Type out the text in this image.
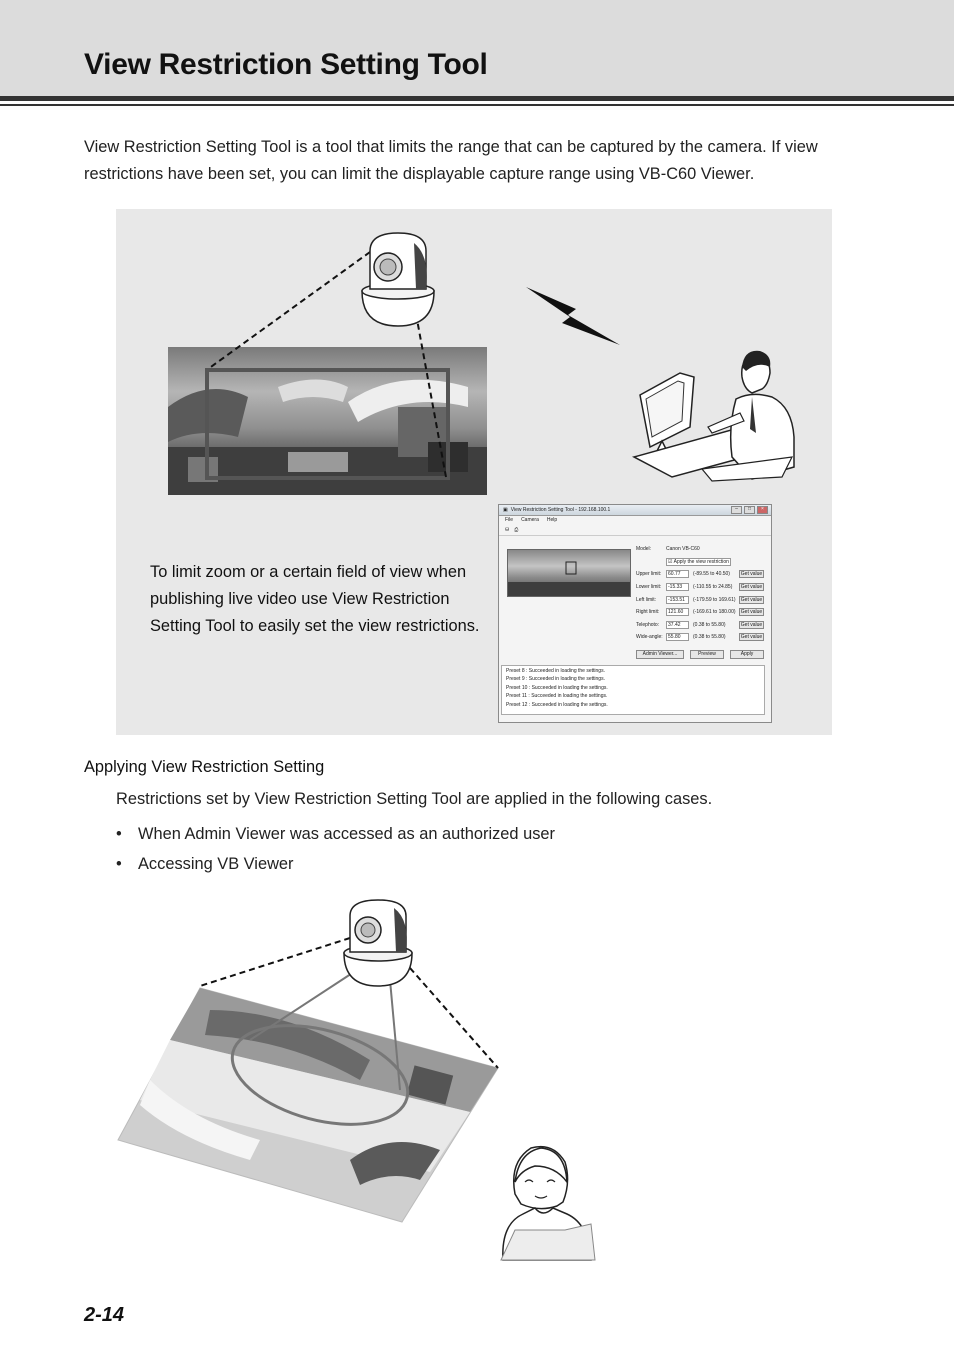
View Restriction Setting Tool

View Restriction Setting Tool is a tool that limits the range that can be captured by the camera. If view restrictions have been set, you can limit the displayable capture range using VB-C60 Viewer.

To limit zoom or a certain field of view when publishing live video use View Restriction Setting Tool to easily set the view restrictions.

▣ View Restriction Setting Tool - 192.168.100.1	–	□	×
File Camera Help
⛁ ⎙
Model:	Canon VB-C60
☑ Apply the view restriction
Upper limit:	60.77	(-89.55 to 40.50)	Get value
Lower limit:	-15.33	(-110.55 to 24.85)	Get value
Left limit:	-153.51	(-179.59 to 169.61)	Get value
Right limit:	121.60	(-169.61 to 180.00)	Get value
Telephoto:	37.42	(0.38 to 55.80)	Get value
Wide-angle:	55.80	(0.38 to 55.80)	Get value
Admin Viewer...	Preview	Apply
Preset 8 : Succeeded in loading the settings.
Preset 9 : Succeeded in loading the settings.
Preset 10 : Succeeded in loading the settings.
Preset 11 : Succeeded in loading the settings.
Preset 12 : Succeeded in loading the settings.
Applying View Restriction Setting

Restrictions set by View Restriction Setting Tool are applied in the following cases.

• When Admin Viewer was accessed as an authorized user
• Accessing VB Viewer
2-14
